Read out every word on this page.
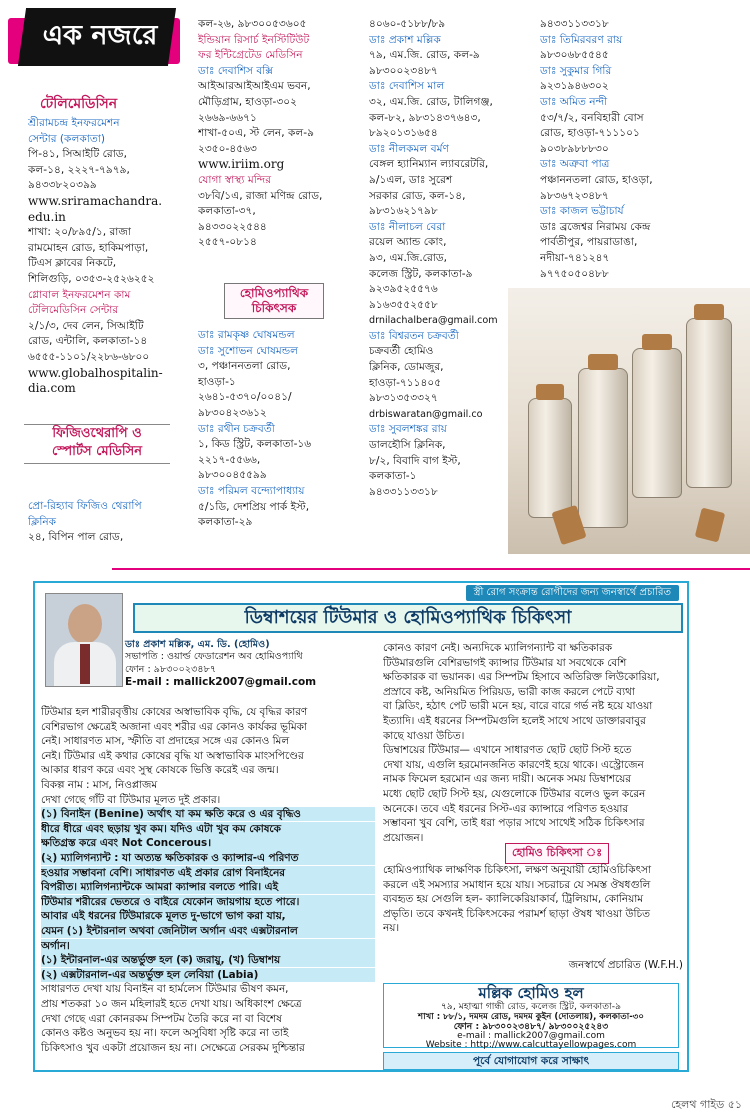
এক নজরে
টেলিমেডিসিন
শ্রীরামচন্দ্র ইনফরমেশন
সেন্টার (কলকাতা)
পি-৪১, সিআইটি রোড,
কল-১৪, ২২২৭-৭৯৭৯,
৯৪৩৩৮২০৩৯৯
www.sriramachandra.
edu.in
শাখা: ২০/৮৯৫/১, রাজা
রামমোহন রোড, হাকিমপাড়া,
টিএস ক্লাবের নিকটে,
শিলিগুড়ি, ০৩৫৩-২৫২৬২৫২
গ্লোবাল ইনফরমেশন কাম
টেলিমেডিসিন সেন্টার
২/১/৩, দেব লেন, সিআইটি
রোড, এন্টালি, কলকাতা-১৪
৬৫৫৫-১১০১/২২৮৬-৬৮০০
www.globalhospitalin-
dia.com
ফিজিওথেরাপি ও
স্পোর্টস মেডিসিন
প্রো-রিহ্যাব ফিজিও থেরাপি
ক্লিনিক
২৪, বিপিন পাল রোড,
কল-২৬, ৯৮৩০০৫৩৬০৫
ইন্ডিয়ান রিসার্চ ইনস্টিটিউট
ফর ইন্টিগ্রেটেড মেডিসিন
ডাঃ দেবাশিস বক্সি
আইআরআইআইএম ভবন,
মৌড়িগ্রাম, হাওড়া-৩০২
২৬৬৯-৬৬৭১
শাখা-৫০এ, স্ট লেন, কল-৯
২৩৫০-৪৫৬৩
www.iriim.org
যোগা স্বাস্থ্য মন্দির
৩৮বি/১এ, রাজা মণিন্দ্র রোড,
কলকাতা-৩৭,
৯৪৩৩০২২৫৪৪
২৫৫৭-০৮১৪
হোমিওপ্যাথিক
চিকিৎসক
ডাঃ রামকৃষ্ণ ঘোষমন্ডল
ডাঃ সুশোভন ঘোষমন্ডল
৩, পঞ্চাননতলা রোড,
হাওড়া-১
২৬৪১-৫৩৭০/০০৪১/
৯৮৩০৪২৩৬১২
ডাঃ রথীন চক্রবর্তী
১, কিড স্ট্রিট, কলকাতা-১৬
২২১৭-৫৫৬৬,
৯৮৩০০৪৫৫৯৯
ডাঃ পরিমল বন্দ্যোপাধ্যায়
৫/১ডি, দেশপ্রিয় পার্ক ইস্ট,
কলকাতা-২৯
৪০৬০-৫১৮৮/৮৯
ডাঃ প্রকাশ মল্লিক
৭৯, এম.জি. রোড, কল-৯
৯৮৩০০২৩৪৮৭
ডাঃ দেবাশিস মাল
৩২, এম.জি. রোড, টালিগঞ্জ,
কল-৮২, ৯৮৩১৪৩৭৬৪৩,
৮৯২০১৩১৬৫৪
ডাঃ নীলকমল বর্মণ
বেঙ্গল হ্যানিম্যান ল্যাবরেটরি,
৯/১এল, ডাঃ সুরেশ
সরকার রোড, কল-১৪,
৯৮৩১৬২১৭৯৮
ডাঃ নীলাচল বেরা
রয়েল অ্যান্ড কোং,
৯৩, এম.জি.রোড,
কলেজ স্ট্রিট, কলকাতা-৯
৯২৩৯৫২৫৫৭৬
৯১৬৩৫৫২৫৫৮
drnilachalbera@gmail.com
ডাঃ বিশ্বরতন চক্রবর্তী
চক্রবর্তী হোমিও
ক্লিনিক, ডোমজুর,
হাওড়া-৭১১৪০৫
৯৮৩১৩৫৩৩২৭
drbiswaratan@gmail.co
ডাঃ সুবলশঙ্কর রায়
ডালহৌসি ক্লিনিক,
৮/২, বিবাদি বাগ ইস্ট,
কলকাতা-১
৯৪৩৩১১৩৩১৮
৯৪৩৩১১৩৩১৮
ডাঃ তিমিরবরণ রায়
৯৮৩০৬৮৫৫৪৫
ডাঃ সুকুমার গিরি
৯২৩১৯৪৬৩০২
ডাঃ অমিত নন্দী
৫৩/৭/২, বনবিহারী বোস
রোড, হাওড়া-৭১১১০১
৯০৩৮৯৮৮৮৩০
ডাঃ অত্রুবা পাত্র
পঞ্চাননতলা রোড, হাওড়া,
৯৮৩৬৭২৩৪৮৭
ডাঃ কাজল ভট্টাচার্য
ডাঃ ব্রজেশ্বর নিরাময় কেন্দ্র
পার্বতীপুর, পায়রাডাঙা,
নদীয়া-৭৪১২৪৭
৯৭৭৫০৫০৪৮৮
স্ত্রী রোগ সংক্রান্ত রোগীদের জন্য জনস্বার্থে প্রচারিত
ডিম্বাশয়ের টিউমার ও হোমিওপ্যাথিক চিকিৎসা
ডাঃ প্রকাশ মল্লিক, এম. ডি. (হোমিও)
সভাপতি : ওয়ার্ল্ড ফেডারেশন অব হোমিওপ্যাথি
ফোন : ৯৮৩০০২৩৪৮৭
E-mail : mallick2007@gmail.com
টিউমার হল শারীরবৃত্তীয় কোষের অস্বাভাবিক বৃদ্ধি, যে বৃদ্ধির কারণ
বেশিরভাগ ক্ষেত্রেই অজানা এবং শরীর এর কোনও কার্যকর ভূমিকা
নেই। সাধারণত মাস, স্ফীতি বা প্রদাহের সঙ্গে এর কোনও মিল
নেই। টিউমার এই কথার কোষের বৃদ্ধি যা অস্বাভাবিক মাংসপিণ্ডের
আকার ধারণ করে এবং সুস্থ কোষকে ভিত্তি করেই এর জন্ম।
বিকল্প নাম : মাস, নিওপ্লাজম
দেখা গেছে গাঁট বা টিউমার মূলত দুই প্রকার।
(১) বিনাইন (Benine) অর্থাৎ যা কম ক্ষতি করে ও এর বৃদ্ধিও
ধীরে ধীরে এবং ছড়ায় খুব কম। যদিও এটা খুব কম কোষকে
ক্ষতিগ্রস্ত করে এবং Not Concerous।
(২) ম্যালিগন্যান্ট : যা অত্যন্ত ক্ষতিকারক ও ক্যান্সার-এ পরিণত
হওয়ার সম্ভাবনা বেশি। সাধারণত এই প্রকার রোগ বিনাইনের
বিপরীত। ম্যালিগন্যান্টকে আমরা ক্যান্সার বলতে পারি। এই
টিউমার শরীরের ভেতরে ও বাইরে যেকোন জায়গায় হতে পারে।
আবার এই ধরনের টিউমারকে মূলত দু-ভাগে ভাগ করা যায়,
যেমন (১) ইন্টারনাল অথবা জেনিটাল অর্গান এবং এক্সটারনাল
অর্গান।
(১) ইন্টারনাল-এর অন্তর্ভুক্ত হল (ক) জরায়ু, (খ) ডিম্বাশয়
(২) এক্সটারনাল-এর অন্তর্ভুক্ত হল লেবিয়া (Labia)
সাধারণত দেখা যায় বিনাইন বা হার্মলেস টিউমার ভীষণ কমন,
প্রায় শতকরা ১০ জন মহিলারই হতে দেখা যায়। অধিকাংশ ক্ষেত্রে
দেখা গেছে এরা কোনরকম সিম্পটম তৈরি করে না বা বিশেষ
কোনও কষ্টও অনুভব হয় না। ফলে অসুবিধা সৃষ্টি করে না তাই
চিকিৎসাও খুব একটা প্রয়োজন হয় না। সেক্ষেত্রে সেরকম দুশ্চিন্তার
কোনও কারণ নেই। অন্যদিকে ম্যালিগন্যান্ট বা ক্ষতিকারক
টিউমারগুলি বেশিরভাগই ক্যান্সার টিউমার যা সবথেকে বেশি
ক্ষতিকারক বা ভয়ানক। এর সিম্পটম হিসাবে অতিরিক্ত লিউকোরিয়া,
প্রস্রাবে কষ্ট, অনিয়মিত পিরিয়ড, ভারী কাজ করলে পেটে ব্যথা
বা ব্লিডিং, হঠাৎ পেট ভারী মনে হয়, বারে বারে গর্ভ নষ্ট হয়ে যাওয়া
ইত্যাদি। এই ধরনের সিম্পটমগুলি হলেই সাথে সাথে ডাক্তারবাবুর
কাছে যাওয়া উচিত।
ডিম্বাশয়ের টিউমার— এখানে সাধারণত ছোট ছোট সিস্ট হতে
দেখা যায়, এগুলি হরমোনজনিত কারণেই হয়ে থাকে। এস্ট্রোজেন
নামক ফিমেল হরমোন এর জন্য দায়ী। অনেক সময় ডিম্বাশয়ের
মধ্যে ছোট ছোট সিস্ট হয়, যেগুলোকে টিউমার বলেও ভুল করেন
অনেকে। তবে এই ধরনের সিস্ট-এর ক্যান্সারে পরিণত হওয়ার
সম্ভাবনা খুব বেশি, তাই ধরা পড়ার সাথে সাথেই সঠিক চিকিৎসার
প্রয়োজন।
হোমিও চিকিৎসা ঃ
হোমিওপ্যাথিক লাক্ষণিক চিকিৎসা, লক্ষণ অনুযায়ী হোমিওচিকিৎসা
করলে এই সমস্যার সমাধান হয়ে যায়। সচরাচর যে সমস্ত ঔষধগুলি
ব্যবহৃত হয় সেগুলি হল- ক্যালিকেরিয়াকার্ব, ট্রিলিয়াম, কোনিয়াম
প্রভৃতি। তবে কখনই চিকিৎসকের পরামর্শ ছাড়া ঔষধ খাওয়া উচিত
নয়।
জনস্বার্থে প্রচারিত (W.F.H.)
মল্লিক হোমিও হল
৭৯, মহাত্মা গান্ধী রোড, কলেজ স্ট্রিট, কলকাতা-৯
শাখা : ৮৮/১, দমদম রোড, দমদম কুইন (দোতলায়), কলকাতা-৩০
ফোন : ৯৮৩০০২৩৪৮৭/ ৯৮৩০০২৫২৪৩
e-mail : mallick2007@gmail.com
Website : http://www.calcuttayellowpages.com
পূর্বে যোগাযোগ করে সাক্ষাৎ
হেলথ গাইড ৫১
